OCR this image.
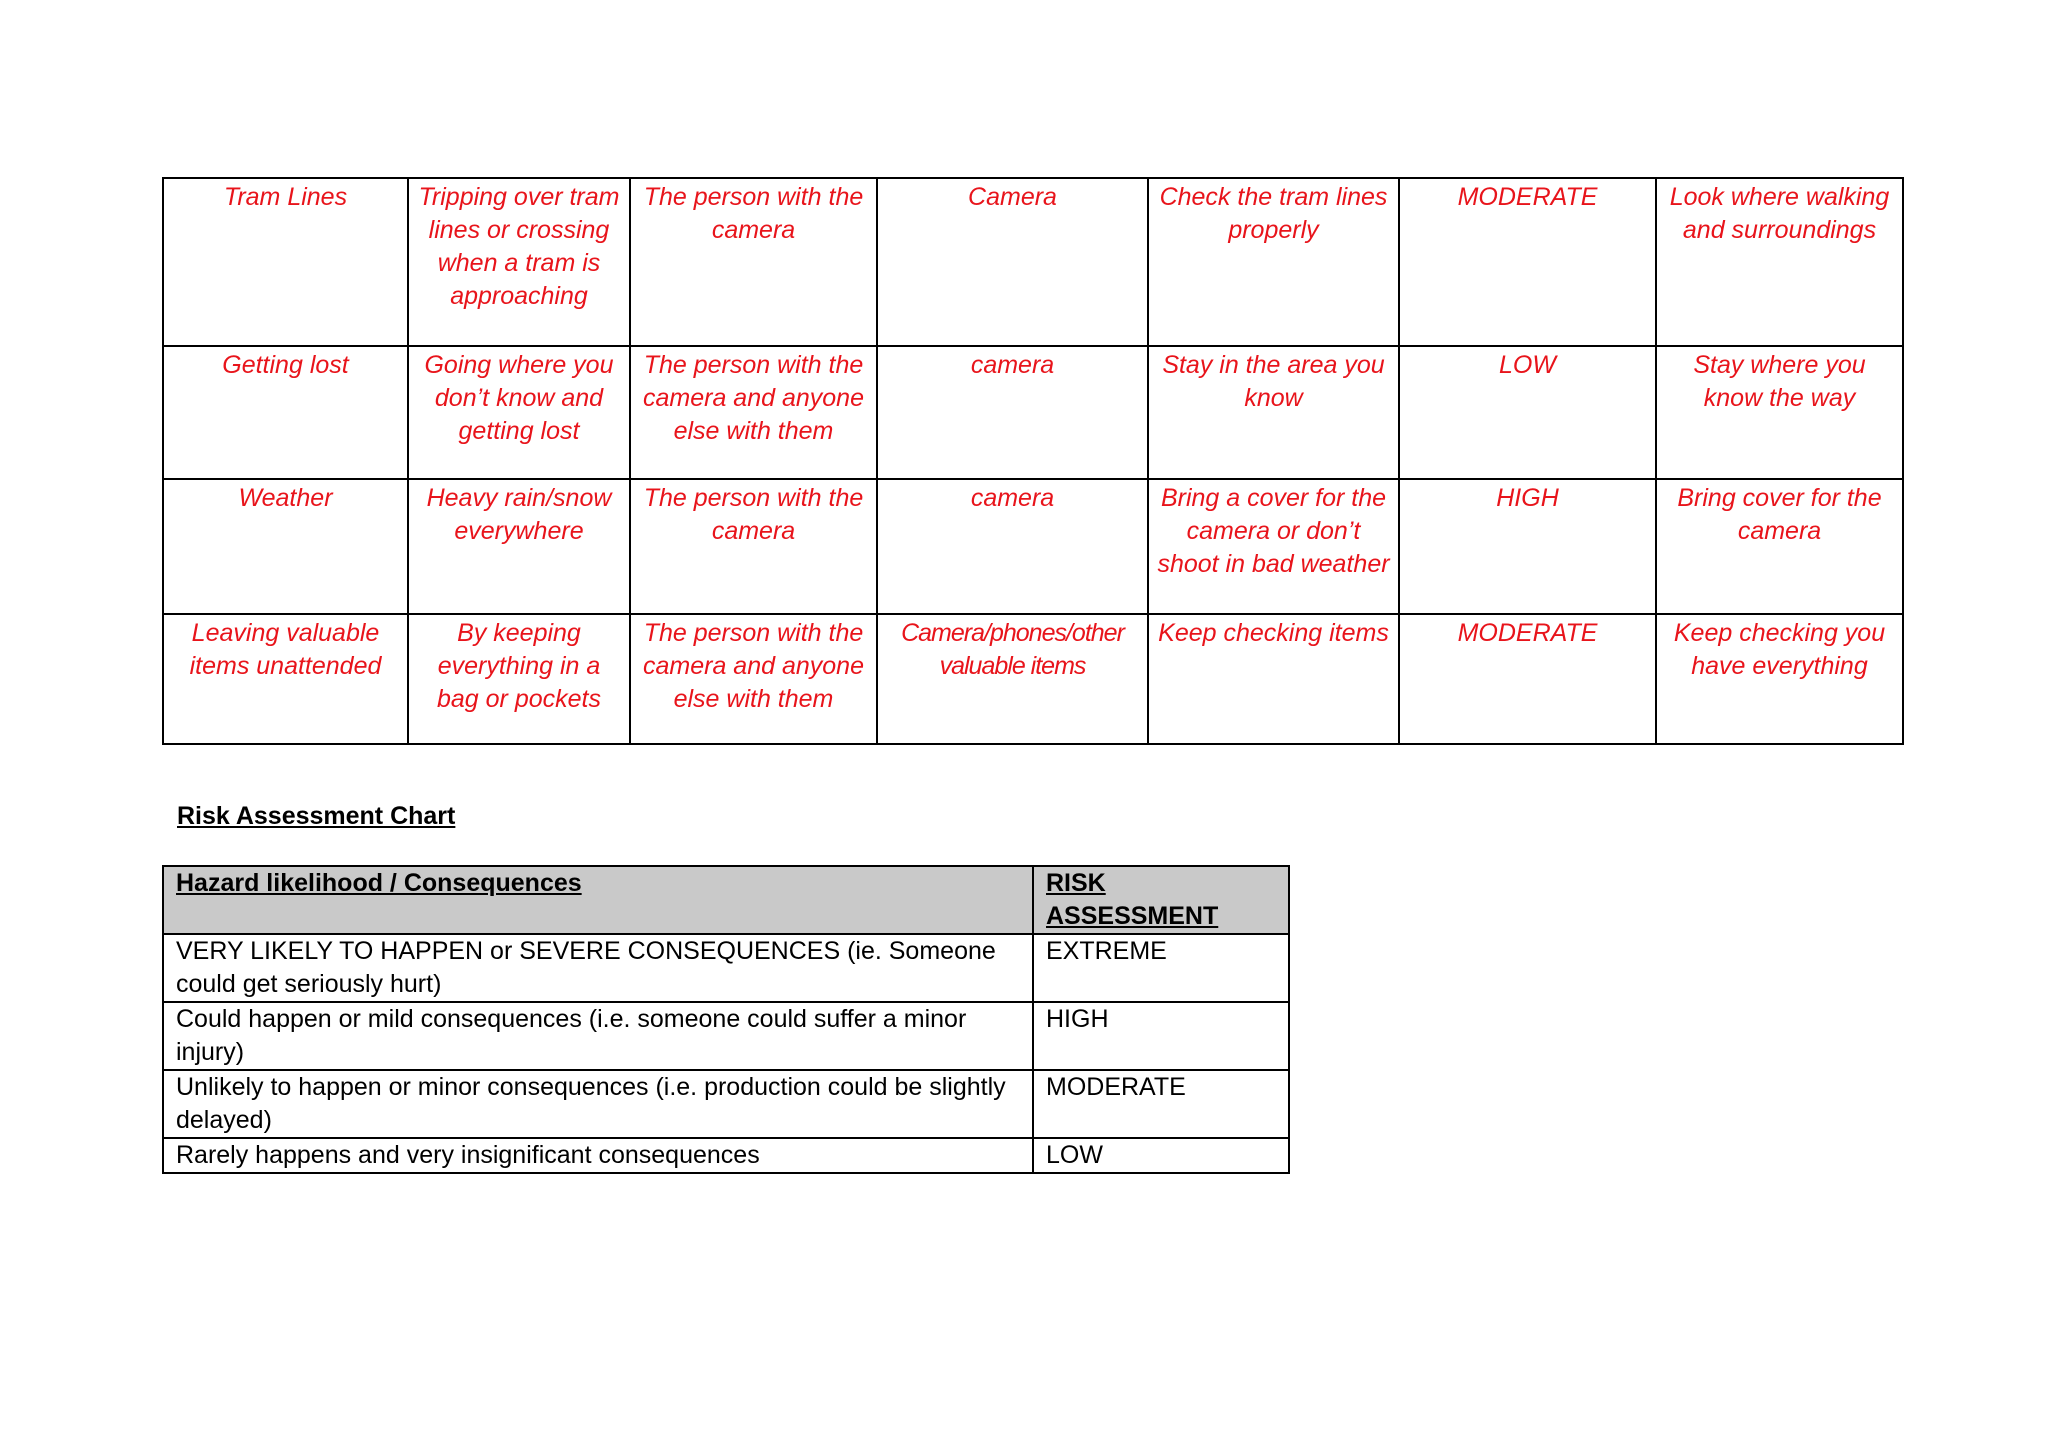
Tram Lines	Tripping over tram lines or crossing when a tram is approaching	The person with the camera	Camera	Check the tram lines properly	MODERATE	Look where walking and surroundings
Getting lost	Going where you don’t know and getting lost	The person with the camera and anyone else with them	camera	Stay in the area you know	LOW	Stay where you know the way
Weather	Heavy rain/snow everywhere	The person with the camera	camera	Bring a cover for the camera or don’t shoot in bad weather	HIGH	Bring cover for the camera
Leaving valuable items unattended	By keeping everything in a bag or pockets	The person with the camera and anyone else with them	Camera/phones/other valuable items	Keep checking items	MODERATE	Keep checking you have everything
Risk Assessment Chart
Hazard likelihood / Consequences	RISK ASSESSMENT
VERY LIKELY TO HAPPEN or SEVERE CONSEQUENCES (ie. Someone could get seriously hurt)	EXTREME
Could happen or mild consequences (i.e. someone could suffer a minor injury)	HIGH
Unlikely to happen or minor consequences (i.e. production could be slightly delayed)	MODERATE
Rarely happens and very insignificant consequences	LOW
